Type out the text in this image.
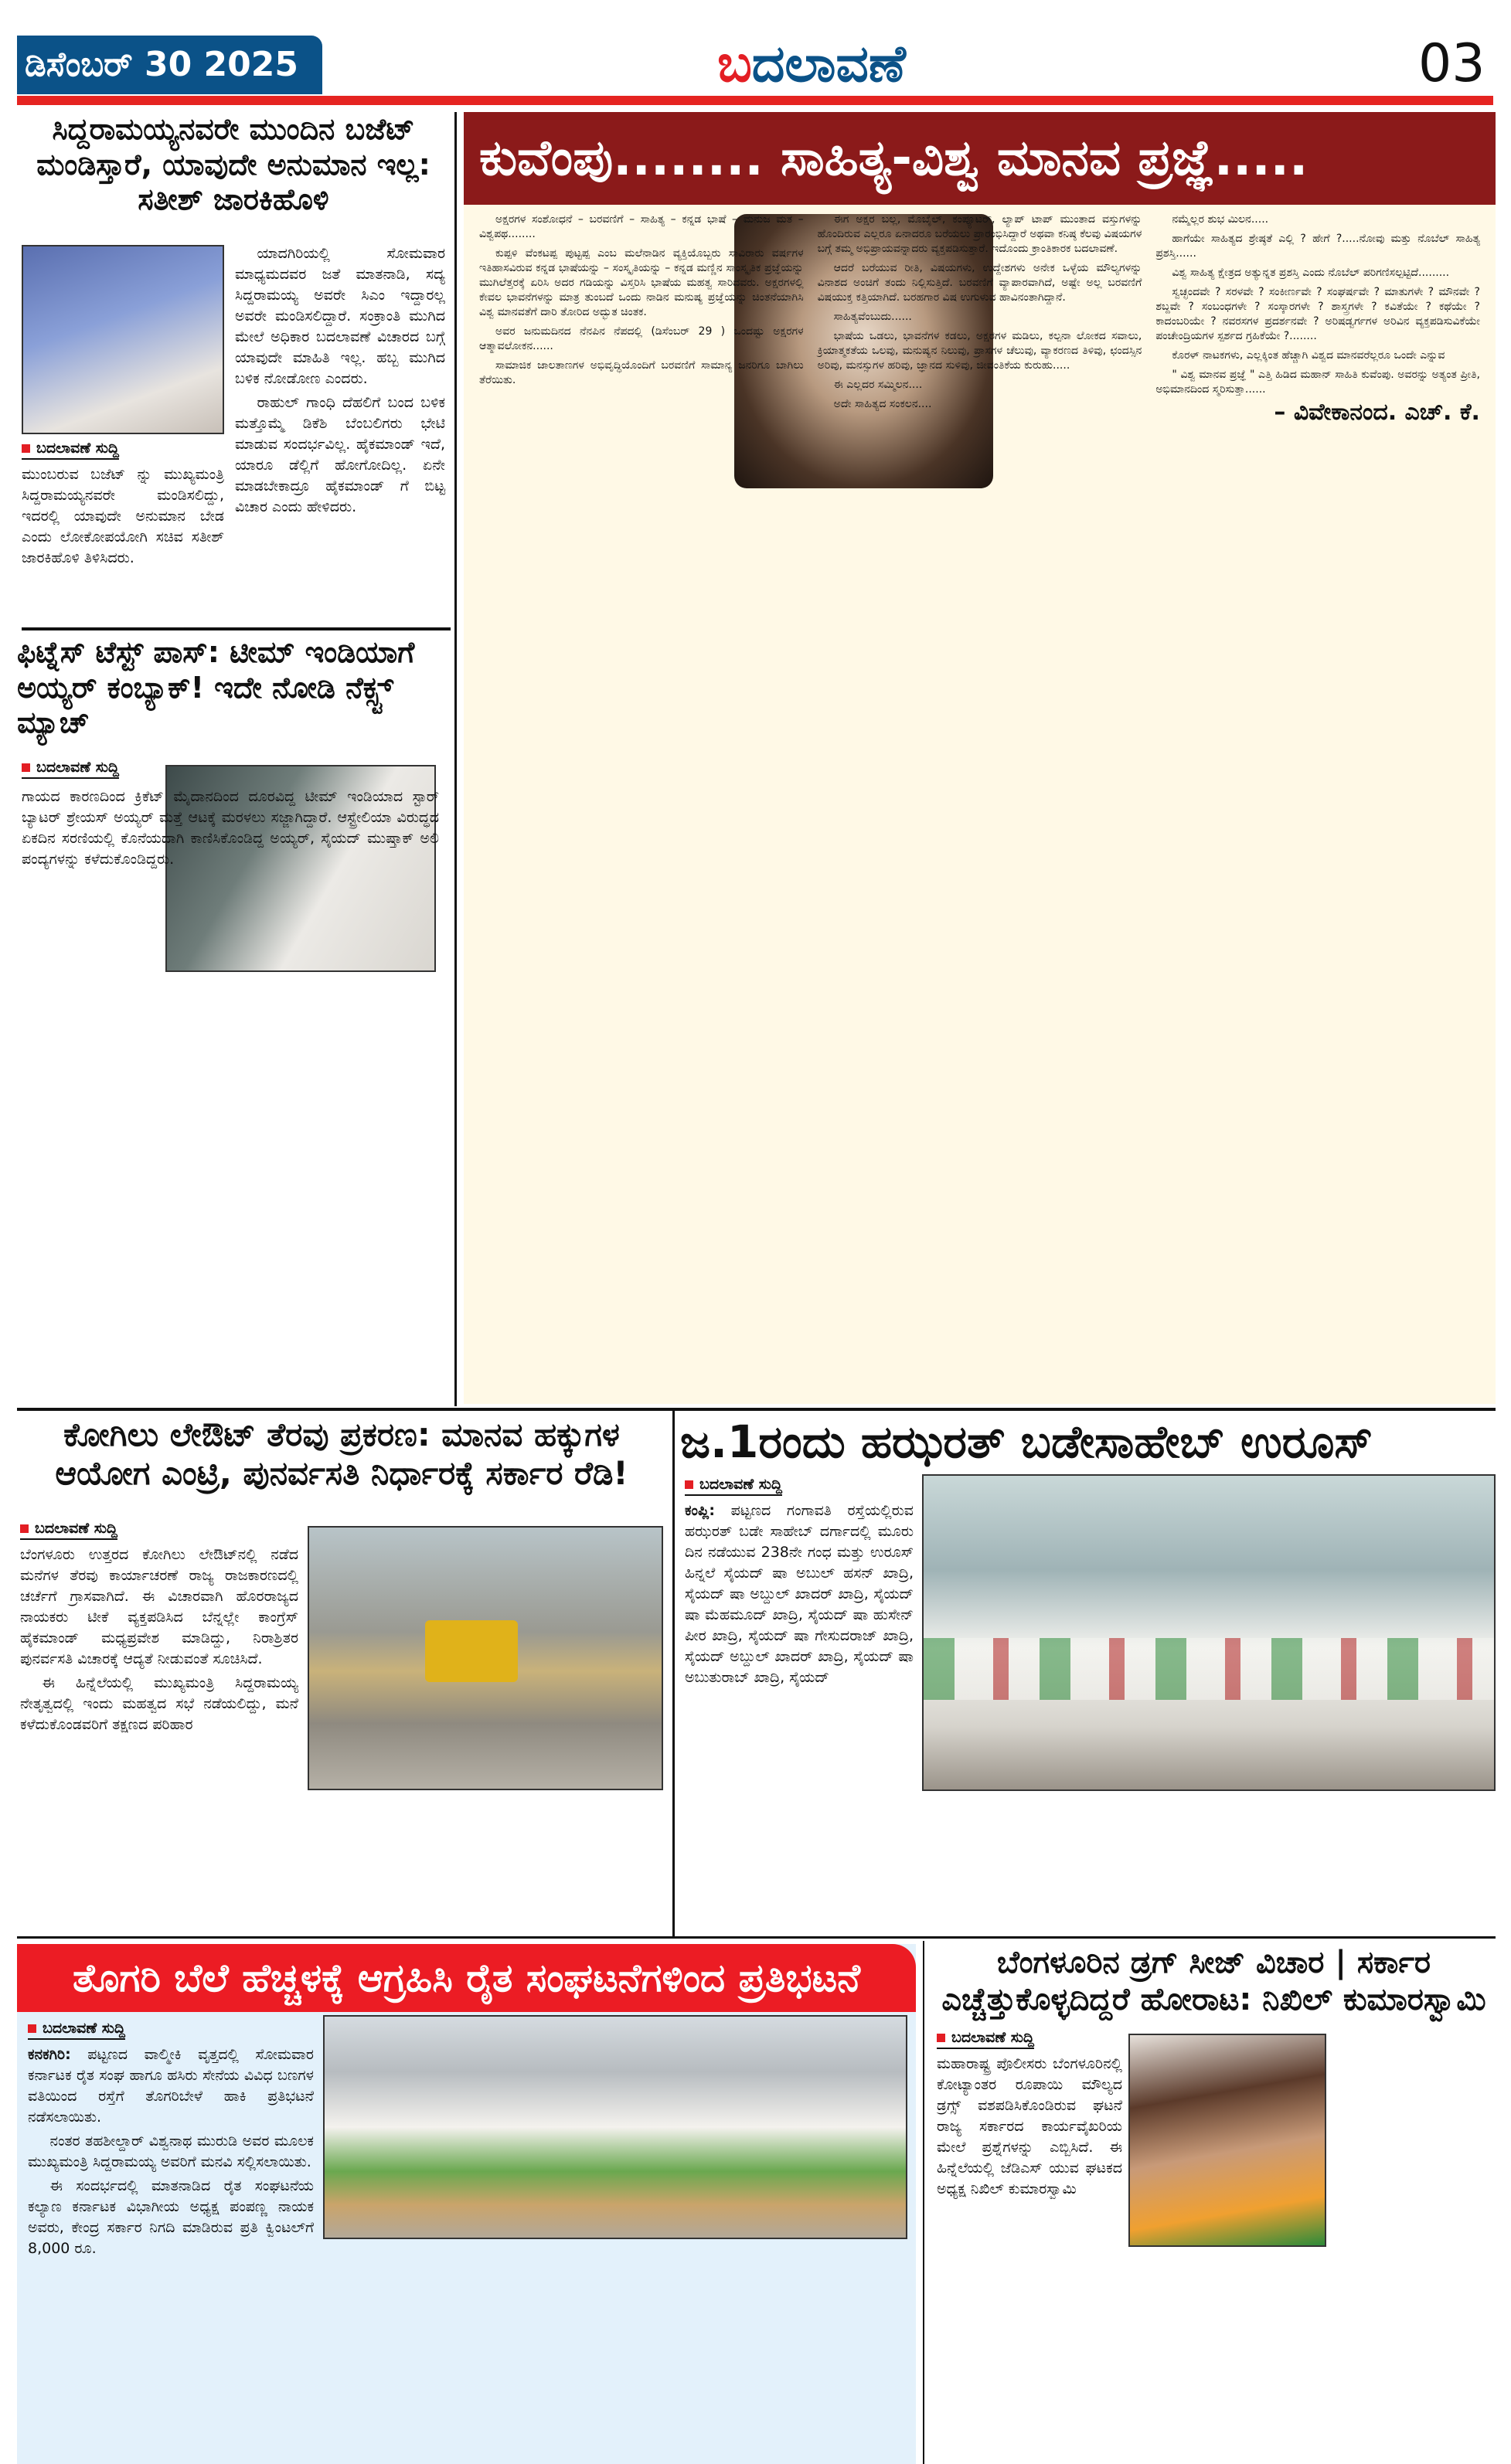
ಡಿಸೆಂಬರ್ 30 2025	ಬದಲಾವಣೆ	03
ಸಿದ್ದರಾಮಯ್ಯನವರೇ ಮುಂದಿನ ಬಜೆಟ್ ಮಂಡಿಸ್ತಾರೆ, ಯಾವುದೇ ಅನುಮಾನ ಇಲ್ಲ: ಸತೀಶ್ ಜಾರಕಿಹೊಳಿ
ಬದಲಾವಣೆ ಸುದ್ದಿ
ಮುಂಬರುವ ಬಜೆಟ್ ನ್ನು ಮುಖ್ಯಮಂತ್ರಿ ಸಿದ್ದರಾಮಯ್ಯನವರೇ ಮಂಡಿಸಲಿದ್ದು, ಇದರಲ್ಲಿ ಯಾವುದೇ ಅನುಮಾನ ಬೇಡ ಎಂದು ಲೋಕೋಪಯೋಗಿ ಸಚಿವ ಸತೀಶ್ ಜಾರಕಿಹೊಳಿ ತಿಳಿಸಿದರು.

ಯಾದಗಿರಿಯಲ್ಲಿ ಸೋಮವಾರ ಮಾಧ್ಯಮದವರ ಜತೆ ಮಾತನಾಡಿ, ಸದ್ಯ ಸಿದ್ದರಾಮಯ್ಯ ಅವರೇ ಸಿಎಂ ಇದ್ದಾರಲ್ಲ ಅವರೇ ಮಂಡಿಸಲಿದ್ದಾರೆ. ಸಂಕ್ರಾಂತಿ ಮುಗಿದ ಮೇಲೆ ಅಧಿಕಾರ ಬದಲಾವಣೆ ವಿಚಾರದ ಬಗ್ಗೆ ಯಾವುದೇ ಮಾಹಿತಿ ಇಲ್ಲ. ಹಬ್ಬ ಮುಗಿದ ಬಳಿಕ ನೋಡೋಣ ಎಂದರು.

ರಾಹುಲ್ ಗಾಂಧಿ ದೆಹಲಿಗೆ ಬಂದ ಬಳಿಕ ಮತ್ತೊಮ್ಮೆ ಡಿಕೆಶಿ ಬೆಂಬಲಿಗರು ಭೇಟಿ ಮಾಡುವ ಸಂದರ್ಭವಿಲ್ಲ. ಹೈಕಮಾಂಡ್ ಇದೆ, ಯಾರೂ ಡೆಲ್ಲಿಗೆ ಹೋಗೋದಿಲ್ಲ. ಏನೇ ಮಾಡಬೇಕಾದ್ರೂ ಹೈಕಮಾಂಡ್ ಗೆ ಬಿಟ್ಟ ವಿಚಾರ ಎಂದು ಹೇಳಿದರು.

ಫಿಟ್ನೆಸ್ ಟೆಸ್ಟ್ ಪಾಸ್: ಟೀಮ್ ಇಂಡಿಯಾಗೆ ಅಯ್ಯರ್ ಕಂಬ್ಯಾಕ್! ಇದೇ ನೋಡಿ ನೆಕ್ಸ್ಟ್ ಮ್ಯಾಚ್
ಬದಲಾವಣೆ ಸುದ್ದಿ

ಗಾಯದ ಕಾರಣದಿಂದ ಕ್ರಿಕೆಟ್ ಮೈದಾನದಿಂದ ದೂರವಿದ್ದ ಟೀಮ್ ಇಂಡಿಯಾದ ಸ್ಟಾರ್ ಬ್ಯಾಟರ್ ಶ್ರೇಯಸ್ ಅಯ್ಯರ್ ಮತ್ತೆ ಆಟಕ್ಕೆ ಮರಳಲು ಸಜ್ಜಾಗಿದ್ದಾರೆ. ಆಸ್ಟ್ರೇಲಿಯಾ ವಿರುದ್ಧದ ಏಕದಿನ ಸರಣಿಯಲ್ಲಿ ಕೊನೆಯದಾಗಿ ಕಾಣಿಸಿಕೊಂಡಿದ್ದ ಅಯ್ಯರ್, ಸೈಯದ್ ಮುಷ್ತಾಕ್ ಅಲಿ ಪಂದ್ಯಗಳನ್ನು ಕಳೆದುಕೊಂಡಿದ್ದರು.

ಕುವೆಂಪು........ ಸಾಹಿತ್ಯ-ವಿಶ್ವ ಮಾನವ ಪ್ರಜ್ಞೆ.....

ಅಕ್ಷರಗಳ ಸಂಶೋಧನೆ – ಬರವಣಿಗೆ – ಸಾಹಿತ್ಯ – ಕನ್ನಡ ಭಾಷೆ – ಮನುಜ ಮತ – ವಿಶ್ವಪಥ........

ಕುಪ್ಪಳಿ ವೆಂಕಟಪ್ಪ ಪುಟ್ಟಪ್ಪ ಎಂಬ ಮಲೆನಾಡಿನ ವ್ಯಕ್ತಿಯೊಬ್ಬರು ಸಾವಿರಾರು ವರ್ಷಗಳ ಇತಿಹಾಸವಿರುವ ಕನ್ನಡ ಭಾಷೆಯನ್ನು – ಸಂಸ್ಕೃತಿಯನ್ನು – ಕನ್ನಡ ಮಣ್ಣಿನ ಸಾಂಸ್ಕೃತಿಕ ಪ್ರಜ್ಞೆಯನ್ನು ಮುಗಿಲೆತ್ತರಕ್ಕೆ ಏರಿಸಿ ಅದರ ಗಡಿಯನ್ನು ವಿಸ್ತರಿಸಿ ಭಾಷೆಯ ಮಹತ್ವ ಸಾರಿದವರು. ಅಕ್ಷರಗಳಲ್ಲಿ ಕೇವಲ ಭಾವನೆಗಳನ್ನು ಮಾತ್ರ ತುಂಬದೆ ಒಂದು ನಾಡಿನ ಮನುಷ್ಯ ಪ್ರಜ್ಞೆಯನ್ನು ಚಿಂತನೆಯಾಗಿಸಿ ವಿಶ್ವ ಮಾನವತೆಗೆ ದಾರಿ ತೋರಿದ ಅದ್ಭುತ ಚಿಂತಕ.

ಅವರ ಜನುಮದಿನದ ನೆನಪಿನ ನೆಪದಲ್ಲಿ (ಡಿಸೆಂಬರ್ 29 ) ಒಂದಷ್ಟು ಅಕ್ಷರಗಳ ಆತ್ಮಾವಲೋಕನ......

ಸಾಮಾಜಿಕ ಜಾಲತಾಣಗಳ ಅಭಿವೃದ್ಧಿಯೊಂದಿಗೆ ಬರವಣಿಗೆ ಸಾಮಾನ್ಯ ಜನರಿಗೂ ಬಾಗಿಲು ತೆರೆಯಿತು.

ಈಗ ಅಕ್ಷರ ಬಲ್ಲ, ಮೊಬೈಲ್, ಕಂಪ್ಯೂಟರ್, ಲ್ಯಾಪ್ ಟಾಪ್ ಮುಂತಾದ ವಸ್ತುಗಳನ್ನು ಹೊಂದಿರುವ ಎಲ್ಲರೂ ಏನಾದರೂ ಬರೆಯಲು ಪ್ರಾರಂಭಿಸಿದ್ದಾರೆ ಅಥವಾ ಕನಿಷ್ಠ ಕೆಲವು ವಿಷಯಗಳ ಬಗ್ಗೆ ತಮ್ಮ ಅಭಿಪ್ರಾಯವನ್ನಾದರು ವ್ಯಕ್ತಪಡಿಸುತ್ತಾರೆ. ಇದೊಂದು ಕ್ರಾಂತಿಕಾರಕ ಬದಲಾವಣೆ.

ಆದರೆ ಬರೆಯುವ ರೀತಿ, ವಿಷಯಗಳು, ಉದ್ದೇಶಗಳು ಅನೇಕ ಒಳ್ಳೆಯ ಮೌಲ್ಯಗಳನ್ನು ವಿನಾಶದ ಅಂಚಿಗೆ ತಂದು ನಿಲ್ಲಿಸುತ್ತಿದೆ. ಬರವಣಿಗೆ ವ್ಯಾಪಾರವಾಗಿದೆ, ಅಷ್ಟೇ ಅಲ್ಲ ಬರವಣಿಗೆ ವಿಷಯುಕ್ತ ಕತ್ತಿಯಾಗಿದೆ. ಬರಹಗಾರ ವಿಷ ಉಗುಳುವ ಹಾವಿನಂತಾಗಿದ್ದಾನೆ.

ಸಾಹಿತ್ಯವೆಂಬುದು......

ಭಾಷೆಯ ಒಡಲು, ಭಾವನೆಗಳ ಕಡಲು, ಅಕ್ಷರಗಳ ಮಡಿಲು, ಕಲ್ಪನಾ ಲೋಕದ ಸವಾಲು, ಕ್ರಿಯಾತ್ಮಕತೆಯ ಒಲವು, ಮನುಷ್ಯನ ನಿಲುವು, ಪ್ರಾಸಗಳ ಚೆಲುವು, ವ್ಯಾಕರಣದ ತಿಳಿವು, ಛಂದಸ್ಸಿನ ಅರಿವು, ಮನಸ್ಸುಗಳ ಹರಿವು, ಜ್ಞಾನದ ಸುಳಿವು, ಜೀವಂತಿಕೆಯ ಕುರುಹು.....

ಈ ಎಲ್ಲದರ ಸಮ್ಮಿಲನ....

ಅದೇ ಸಾಹಿತ್ಯದ ಸಂಕಲನ....

ನಮ್ಮೆಲ್ಲರ ಶುಭ ಮಿಲನ.....

ಹಾಗೆಯೇ ಸಾಹಿತ್ಯದ ಶ್ರೇಷ್ಠತೆ ಎಲ್ಲಿ ? ಹೇಗೆ ?.....ನೋವು ಮತ್ತು ನೊಬೆಲ್ ಸಾಹಿತ್ಯ ಪ್ರಶಸ್ತಿ......

ವಿಶ್ವ ಸಾಹಿತ್ಯ ಕ್ಷೇತ್ರದ ಅತ್ಯುನ್ನತ ಪ್ರಶಸ್ತಿ ಎಂದು ನೊಬೆಲ್ ಪರಿಗಣಿಸಲ್ಪಟ್ಟಿದೆ.........

ಸ್ವಚ್ಛಂದವೇ ? ಸರಳವೇ ? ಸಂಕೀರ್ಣವೇ ? ಸಂಘರ್ಷವೇ ? ಮಾತುಗಳೇ ? ಮೌನವೇ ? ಶಬ್ದವೇ ? ಸಂಬಂಧಗಳೇ ? ಸಂಸ್ಕಾರಗಳೇ ? ಶಾಸ್ತ್ರಗಳೇ ? ಕವಿತೆಯೇ ? ಕಥೆಯೇ ? ಕಾದಂಬರಿಯೇ ? ನವರಸಗಳ ಪ್ರದರ್ಶನವೇ ? ಅರಿಷಡ್ವರ್ಗಗಳ ಅರಿವಿನ ವ್ಯಕ್ತಪಡಿಸುವಿಕೆಯೇ ಪಂಚೇಂದ್ರಿಯಗಳ ಸ್ಪರ್ಶದ ಗ್ರಹಿಕೆಯೇ ?........

ಕೊರಳ್ ನಾಟಕಗಳು, ಎಲ್ಲಕ್ಕಿಂತ ಹೆಚ್ಚಾಗಿ ವಿಶ್ವದ ಮಾನವರೆಲ್ಲರೂ ಒಂದೇ ಎನ್ನುವ

" ವಿಶ್ವ ಮಾನವ ಪ್ರಜ್ಞೆ " ಎತ್ತಿ ಹಿಡಿದ ಮಹಾನ್ ಸಾಹಿತಿ ಕುವೆಂಪು. ಅವರನ್ನು ಅತ್ಯಂತ ಪ್ರೀತಿ, ಅಭಿಮಾನದಿಂದ ಸ್ಮರಿಸುತ್ತಾ......

– ವಿವೇಕಾನಂದ. ಎಚ್. ಕೆ.
ಕೋಗಿಲು ಲೇಔಟ್ ತೆರವು ಪ್ರಕರಣ: ಮಾನವ ಹಕ್ಕುಗಳ ಆಯೋಗ ಎಂಟ್ರಿ, ಪುನರ್ವಸತಿ ನಿರ್ಧಾರಕ್ಕೆ ಸರ್ಕಾರ ರೆಡಿ!
ಬದಲಾವಣೆ ಸುದ್ದಿ

ಬೆಂಗಳೂರು ಉತ್ತರದ ಕೋಗಿಲು ಲೇಔಟ್‌ನಲ್ಲಿ ನಡೆದ ಮನೆಗಳ ತೆರವು ಕಾರ್ಯಾಚರಣೆ ರಾಜ್ಯ ರಾಜಕಾರಣದಲ್ಲಿ ಚರ್ಚೆಗೆ ಗ್ರಾಸವಾಗಿದೆ. ಈ ವಿಚಾರವಾಗಿ ಹೊರರಾಜ್ಯದ ನಾಯಕರು ಟೀಕೆ ವ್ಯಕ್ತಪಡಿಸಿದ ಬೆನ್ನಲ್ಲೇ ಕಾಂಗ್ರೆಸ್ ಹೈಕಮಾಂಡ್ ಮಧ್ಯಪ್ರವೇಶ ಮಾಡಿದ್ದು, ನಿರಾಶ್ರಿತರ ಪುನರ್ವಸತಿ ವಿಚಾರಕ್ಕೆ ಆದ್ಯತೆ ನೀಡುವಂತೆ ಸೂಚಿಸಿದೆ.

ಈ ಹಿನ್ನೆಲೆಯಲ್ಲಿ ಮುಖ್ಯಮಂತ್ರಿ ಸಿದ್ದರಾಮಯ್ಯ ನೇತೃತ್ವದಲ್ಲಿ ಇಂದು ಮಹತ್ವದ ಸಭೆ ನಡೆಯಲಿದ್ದು, ಮನೆ ಕಳೆದುಕೊಂಡವರಿಗೆ ತಕ್ಷಣದ ಪರಿಹಾರ

ಜ.1ರಂದು ಹಝರತ್ ಬಡೇಸಾಹೇಬ್ ಉರೂಸ್
ಬದಲಾವಣೆ ಸುದ್ದಿ

ಕಂಪ್ಲಿ: ಪಟ್ಟಣದ ಗಂಗಾವತಿ ರಸ್ತೆಯಲ್ಲಿರುವ ಹಝರತ್ ಬಡೇ ಸಾಹೇಬ್ ದರ್ಗಾದಲ್ಲಿ ಮೂರು ದಿನ ನಡೆಯುವ 238ನೇ ಗಂಧ ಮತ್ತು ಉರೂಸ್ ಹಿನ್ನಲೆ ಸೈಯದ್ ಷಾ ಅಬುಲ್ ಹಸನ್ ಖಾದ್ರಿ, ಸೈಯದ್ ಷಾ ಅಬ್ದುಲ್ ಖಾದರ್ ಖಾದ್ರಿ, ಸೈಯದ್ ಷಾ ಮೆಹಮೂದ್ ಖಾದ್ರಿ, ಸೈಯದ್ ಷಾ ಹುಸೇನ್ ಪೀರ ಖಾದ್ರಿ, ಸೈಯದ್ ಷಾ ಗೇಸುದರಾಜ್ ಖಾದ್ರಿ, ಸೈಯದ್ ಅಬ್ದುಲ್ ಖಾದರ್ ಖಾದ್ರಿ, ಸೈಯದ್ ಷಾ ಅಬುತುರಾಬ್ ಖಾದ್ರಿ, ಸೈಯದ್

ತೊಗರಿ ಬೆಲೆ ಹೆಚ್ಚಳಕ್ಕೆ ಆಗ್ರಹಿಸಿ ರೈತ ಸಂಘಟನೆಗಳಿಂದ ಪ್ರತಿಭಟನೆ
ಬದಲಾವಣೆ ಸುದ್ದಿ

ಕನಕಗಿರಿ: ಪಟ್ಟಣದ ವಾಲ್ಮೀಕಿ ವೃತ್ತದಲ್ಲಿ ಸೋಮವಾರ ಕರ್ನಾಟಕ ರೈತ ಸಂಘ ಹಾಗೂ ಹಸಿರು ಸೇನೆಯ ವಿವಿಧ ಬಣಗಳ ವತಿಯಿಂದ ರಸ್ತೆಗೆ ತೊಗರಿಬೇಳೆ ಹಾಕಿ ಪ್ರತಿಭಟನೆ ನಡೆಸಲಾಯಿತು.

ನಂತರ ತಹಶೀಲ್ದಾರ್ ವಿಶ್ವನಾಥ ಮುರುಡಿ ಅವರ ಮೂಲಕ ಮುಖ್ಯಮಂತ್ರಿ ಸಿದ್ದರಾಮಯ್ಯ ಅವರಿಗೆ ಮನವಿ ಸಲ್ಲಿಸಲಾಯಿತು.

ಈ ಸಂದರ್ಭದಲ್ಲಿ ಮಾತನಾಡಿದ ರೈತ ಸಂಘಟನೆಯ ಕಲ್ಯಾಣ ಕರ್ನಾಟಕ ವಿಭಾಗೀಯ ಅಧ್ಯಕ್ಷ ಪಂಪಣ್ಣ ನಾಯಕ ಅವರು, ಕೇಂದ್ರ ಸರ್ಕಾರ ನಿಗದಿ ಮಾಡಿರುವ ಪ್ರತಿ ಕ್ವಿಂಟಲ್‌ಗೆ 8,000 ರೂ.

ಬೆಂಗಳೂರಿನ ಡ್ರಗ್ ಸೀಜ್ ವಿಚಾರ | ಸರ್ಕಾರ ಎಚ್ಚೆತ್ತುಕೊಳ್ಳದಿದ್ದರೆ ಹೋರಾಟ: ನಿಖಿಲ್ ಕುಮಾರಸ್ವಾಮಿ
ಬದಲಾವಣೆ ಸುದ್ದಿ

ಮಹಾರಾಷ್ಟ್ರ ಪೊಲೀಸರು ಬೆಂಗಳೂರಿನಲ್ಲಿ ಕೋಟ್ಯಾಂತರ ರೂಪಾಯಿ ಮೌಲ್ಯದ ಡ್ರಗ್ಸ್ ವಶಪಡಿಸಿಕೊಂಡಿರುವ ಘಟನೆ ರಾಜ್ಯ ಸರ್ಕಾರದ ಕಾರ್ಯವೈಖರಿಯ ಮೇಲೆ ಪ್ರಶ್ನೆಗಳನ್ನು ಎಬ್ಬಿಸಿದೆ. ಈ ಹಿನ್ನೆಲೆಯಲ್ಲಿ ಜೆಡಿಎಸ್ ಯುವ ಘಟಕದ ಅಧ್ಯಕ್ಷ ನಿಖಿಲ್ ಕುಮಾರಸ್ವಾಮಿ
